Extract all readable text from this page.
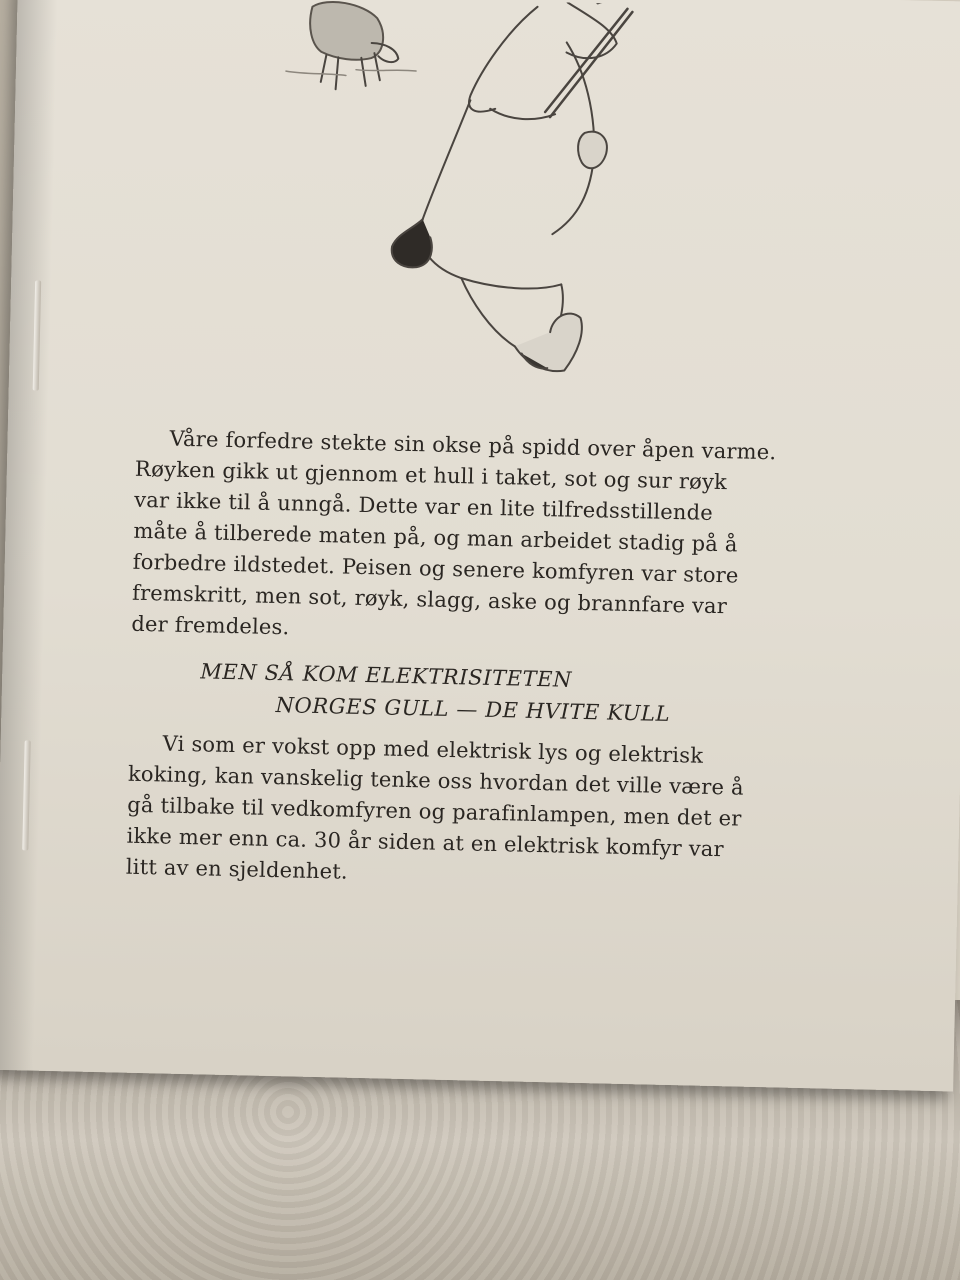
Våre forfedre stekte sin okse på spidd over åpen varme.
Røyken gikk ut gjennom et hull i taket, sot og sur røyk
var ikke til å unngå. Dette var en lite tilfredsstillende
måte å tilberede maten på, og man arbeidet stadig på å
forbedre ildstedet. Peisen og senere komfyren var store
fremskritt, men sot, røyk, slagg, aske og brannfare var
der fremdeles.

MEN SÅ KOM ELEKTRISITETEN
NORGES GULL — DE HVITE KULL

Vi som er vokst opp med elektrisk lys og elektrisk
koking, kan vanskelig tenke oss hvordan det ville være å
gå tilbake til vedkomfyren og parafinlampen, men det er
ikke mer enn ca. 30 år siden at en elektrisk komfyr var
litt av en sjeldenhet.
